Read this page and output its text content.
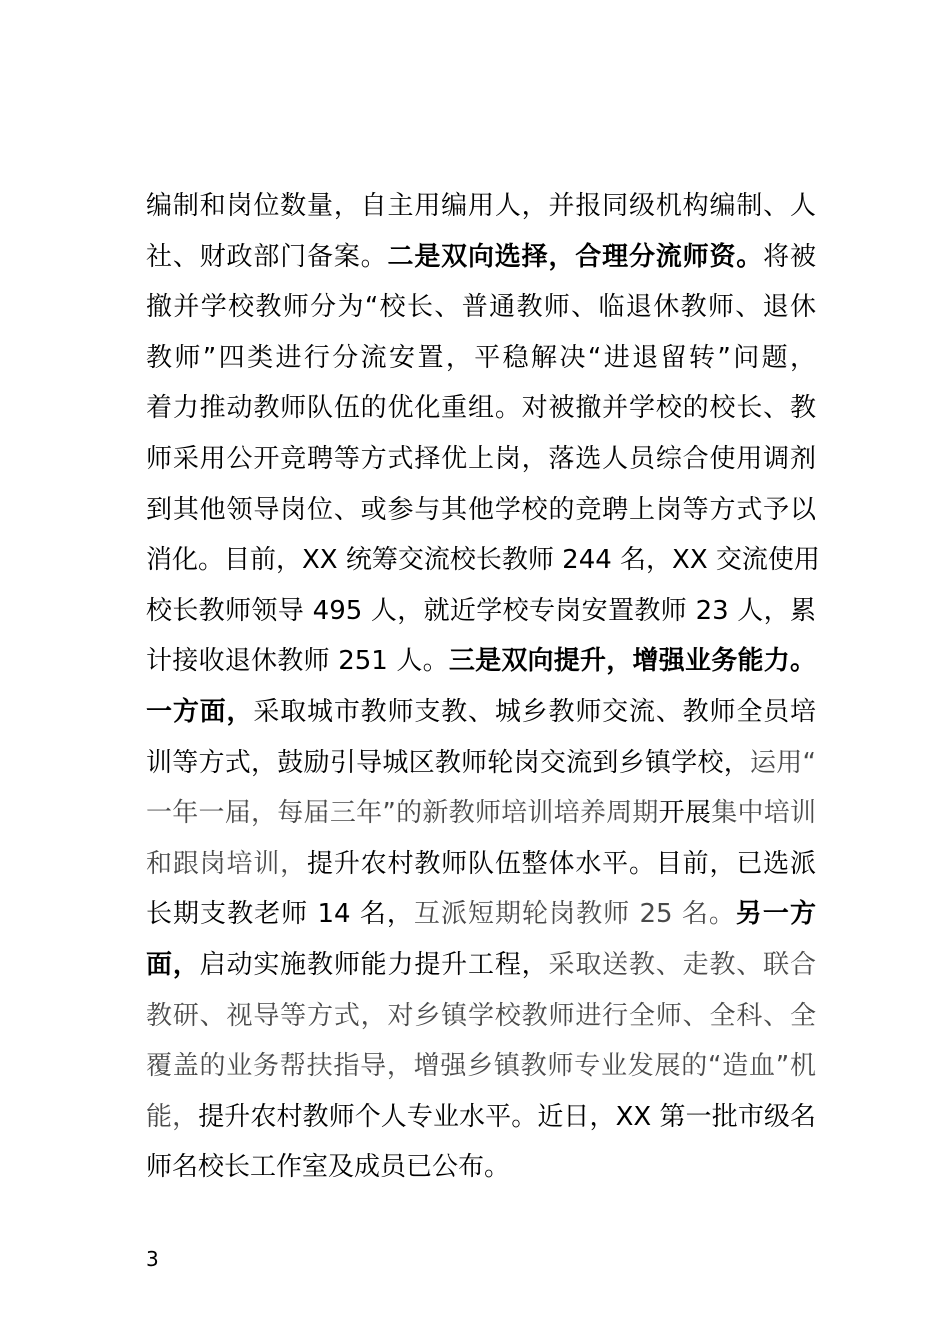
编制和岗位数量，自主用编用人，并报同级机构编制、人
社、财政部门备案。二是双向选择，合理分流师资。将被
撤并学校教师分为“校长、普通教师、临退休教师、退休
教师”四类进行分流安置，平稳解决“进退留转”问题，
着力推动教师队伍的优化重组。对被撤并学校的校长、教
师采用公开竞聘等方式择优上岗，落选人员综合使用调剂
到其他领导岗位、或参与其他学校的竞聘上岗等方式予以
消化。目前，XX 统筹交流校长教师 244 名，XX 交流使用
校长教师领导 495 人，就近学校专岗安置教师 23 人，累
计接收退休教师 251 人。三是双向提升，增强业务能力。
一方面，采取城市教师支教、城乡教师交流、教师全员培
训等方式，鼓励引导城区教师轮岗交流到乡镇学校，运用“
一年一届，每届三年”的新教师培训培养周期开展集中培训
和跟岗培训，提升农村教师队伍整体水平。目前，已选派
长期支教老师 14 名，互派短期轮岗教师 25 名。另一方
面，启动实施教师能力提升工程，采取送教、走教、联合
教研、视导等方式，对乡镇学校教师进行全师、全科、全
覆盖的业务帮扶指导，增强乡镇教师专业发展的“造血”机
能，提升农村教师个人专业水平。近日，XX 第一批市级名
师名校长工作室及成员已公布。

3
